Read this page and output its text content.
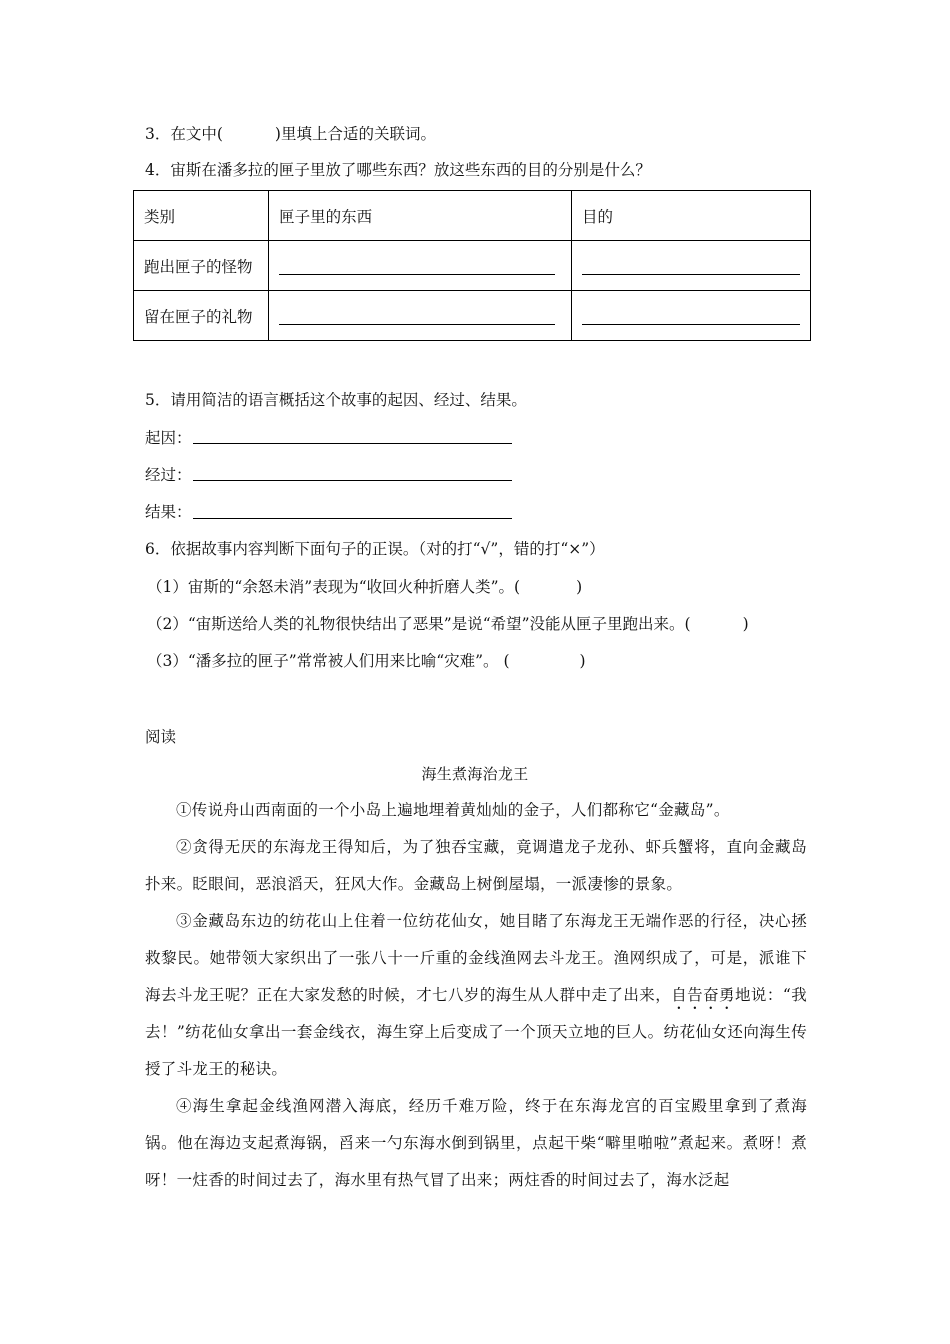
3．在文中(	)里填上合适的关联词。
4．宙斯在潘多拉的匣子里放了哪些东西？放这些东西的目的分别是什么？
类别	匣子里的东西	目的
跑出匣子的怪物		
留在匣子的礼物		
5．请用简洁的语言概括这个故事的起因、经过、结果。
起因：
经过：
结果：
6．依据故事内容判断下面句子的正误。（对的打“√”，错的打“×”）
（1）宙斯的“余怒未消”表现为“收回火种折磨人类”。(	)
（2）“宙斯送给人类的礼物很快结出了恶果”是说“希望”没能从匣子里跑出来。(	)
（3）“潘多拉的匣子”常常被人们用来比喻“灾难”。 (	)
阅读
海生煮海治龙王
①传说舟山西南面的一个小岛上遍地埋着黄灿灿的金子，人们都称它“金藏岛”。
②贪得无厌的东海龙王得知后，为了独吞宝藏，竟调遣龙子龙孙、虾兵蟹将，直向金藏岛扑来。眨眼间，恶浪滔天，狂风大作。金藏岛上树倒屋塌，一派凄惨的景象。
③金藏岛东边的纺花山上住着一位纺花仙女，她目睹了东海龙王无端作恶的行径，决心拯救黎民。她带领大家织出了一张八十一斤重的金线渔网去斗龙王。渔网织成了，可是，派谁下海去斗龙王呢？正在大家发愁的时候，才七八岁的海生从人群中走了出来，自告奋勇地说：“我去！”纺花仙女拿出一套金线衣，海生穿上后变成了一个顶天立地的巨人。纺花仙女还向海生传授了斗龙王的秘诀。
④海生拿起金线渔网潜入海底，经历千难万险，终于在东海龙宫的百宝殿里拿到了煮海锅。他在海边支起煮海锅，舀来一勺东海水倒到锅里，点起干柴“噼里啪啦”煮起来。煮呀！煮呀！一炷香的时间过去了，海水里有热气冒了出来；两炷香的时间过去了，海水泛起
